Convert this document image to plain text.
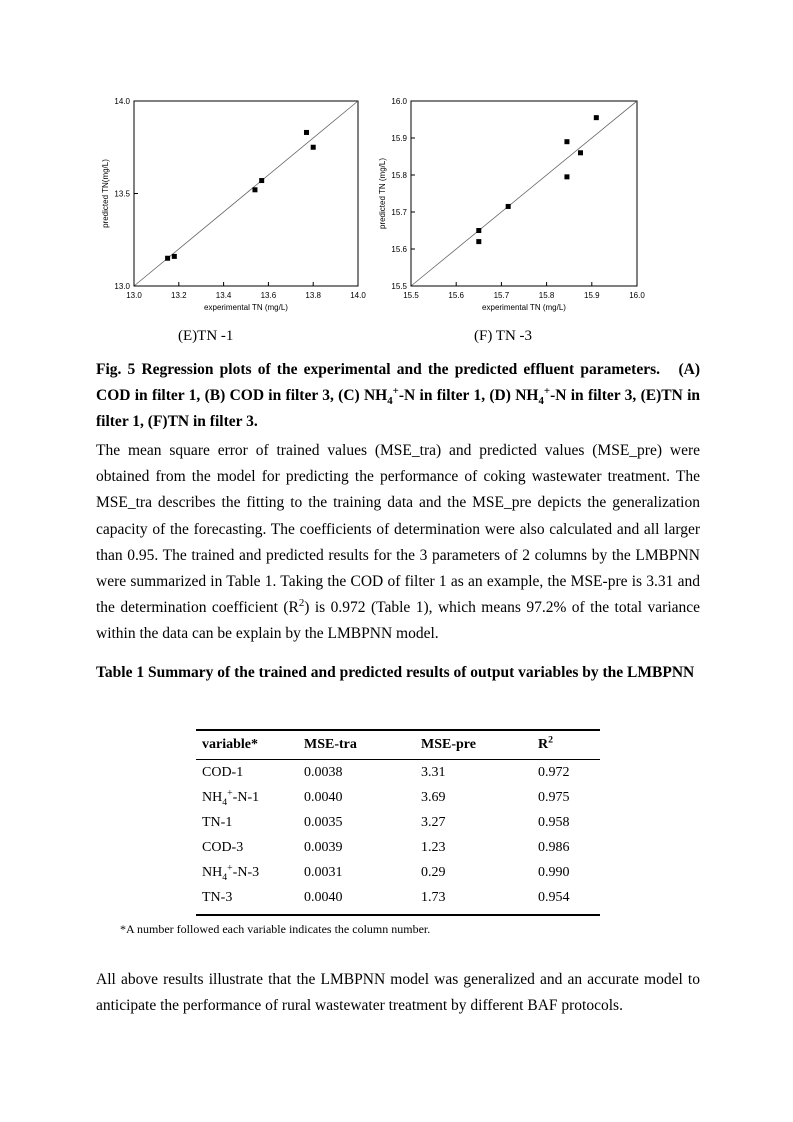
13.0	13.2	13.4	13.6	13.8	14.0
13.0
13.5
14.0
experimental TN (mg/L)
predicted TN(mg/L)
15.5	15.6	15.7	15.8	15.9	16.0
15.5
15.6
15.7
15.8
15.9
16.0
experimental TN (mg/L)
predicted TN (mg/L)
(E)TN -1	(F) TN -3
Fig. 5 Regression plots of the experimental and the predicted effluent parameters.   (A) COD in filter 1, (B) COD in filter 3, (C) $NH_4^+-N$ in filter 1, (D) $NH_4^+-N$ in filter 3, (E)TN in filter 1, (F)TN in filter 3.
The mean square error of trained values (MSE_tra) and predicted values (MSE_pre) were obtained from the model for predicting the performance of coking wastewater treatment. The MSE_tra describes the fitting to the training data and the MSE_pre depicts the generalization capacity of the forecasting. The coefficients of determination were also calculated and all larger than 0.95. The trained and predicted results for the 3 parameters of 2 columns by the LMBPNN were summarized in Table 1. Taking the COD of filter 1 as an example, the MSE-pre is 3.31 and the determination coefficient $(R^2)$ is 0.972 (Table 1), which means 97.2% of the total variance within the data can be explain by the LMBPNN model.
Table 1 Summary of the trained and predicted results of output variables by the LMBPNN
variable*	MSE-tra	MSE-pre	$R^2$
COD-1	0.0038	3.31	0.972
$NH_4^+-N-1$	0.0040	3.69	0.975
TN-1	0.0035	3.27	0.958
COD-3	0.0039	1.23	0.986
$NH_4^+-N-3$	0.0031	0.29	0.990
TN-3	0.0040	1.73	0.954
*A number followed each variable indicates the column number.
All above results illustrate that the LMBPNN model was generalized and an accurate model to anticipate the performance of rural wastewater treatment by different BAF protocols.
